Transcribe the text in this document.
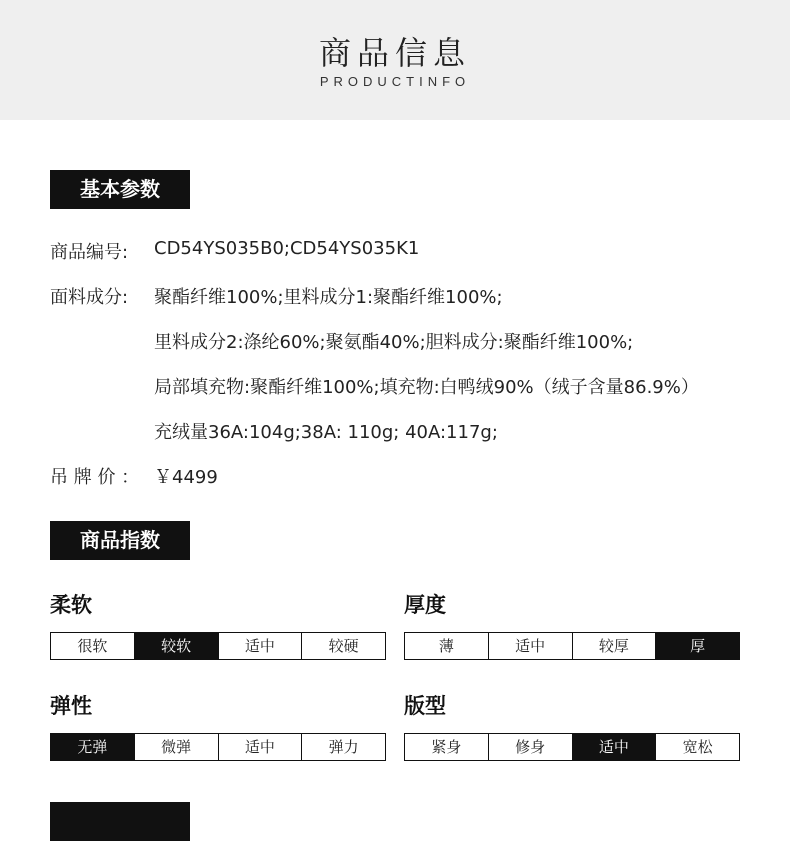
商品信息
PRODUCTINFO
基本参数
商品编号: CD54YS035B0;CD54YS035K1
面料成分: 聚酯纤维100%;里料成分1:聚酯纤维100%;
里料成分2:涤纶60%;聚氨酯40%;胆料成分:聚酯纤维100%;
局部填充物:聚酯纤维100%;填充物:白鸭绒90%（绒子含量86.9%）
充绒量36A:104g;38A: 110g; 40A:117g;
吊 牌 价 ： ￥4499
商品指数
柔软
很软	较软	适中	较硬
厚度
薄	适中	较厚	厚
弹性
无弹	微弹	适中	弹力
版型
紧身	修身	适中	宽松
